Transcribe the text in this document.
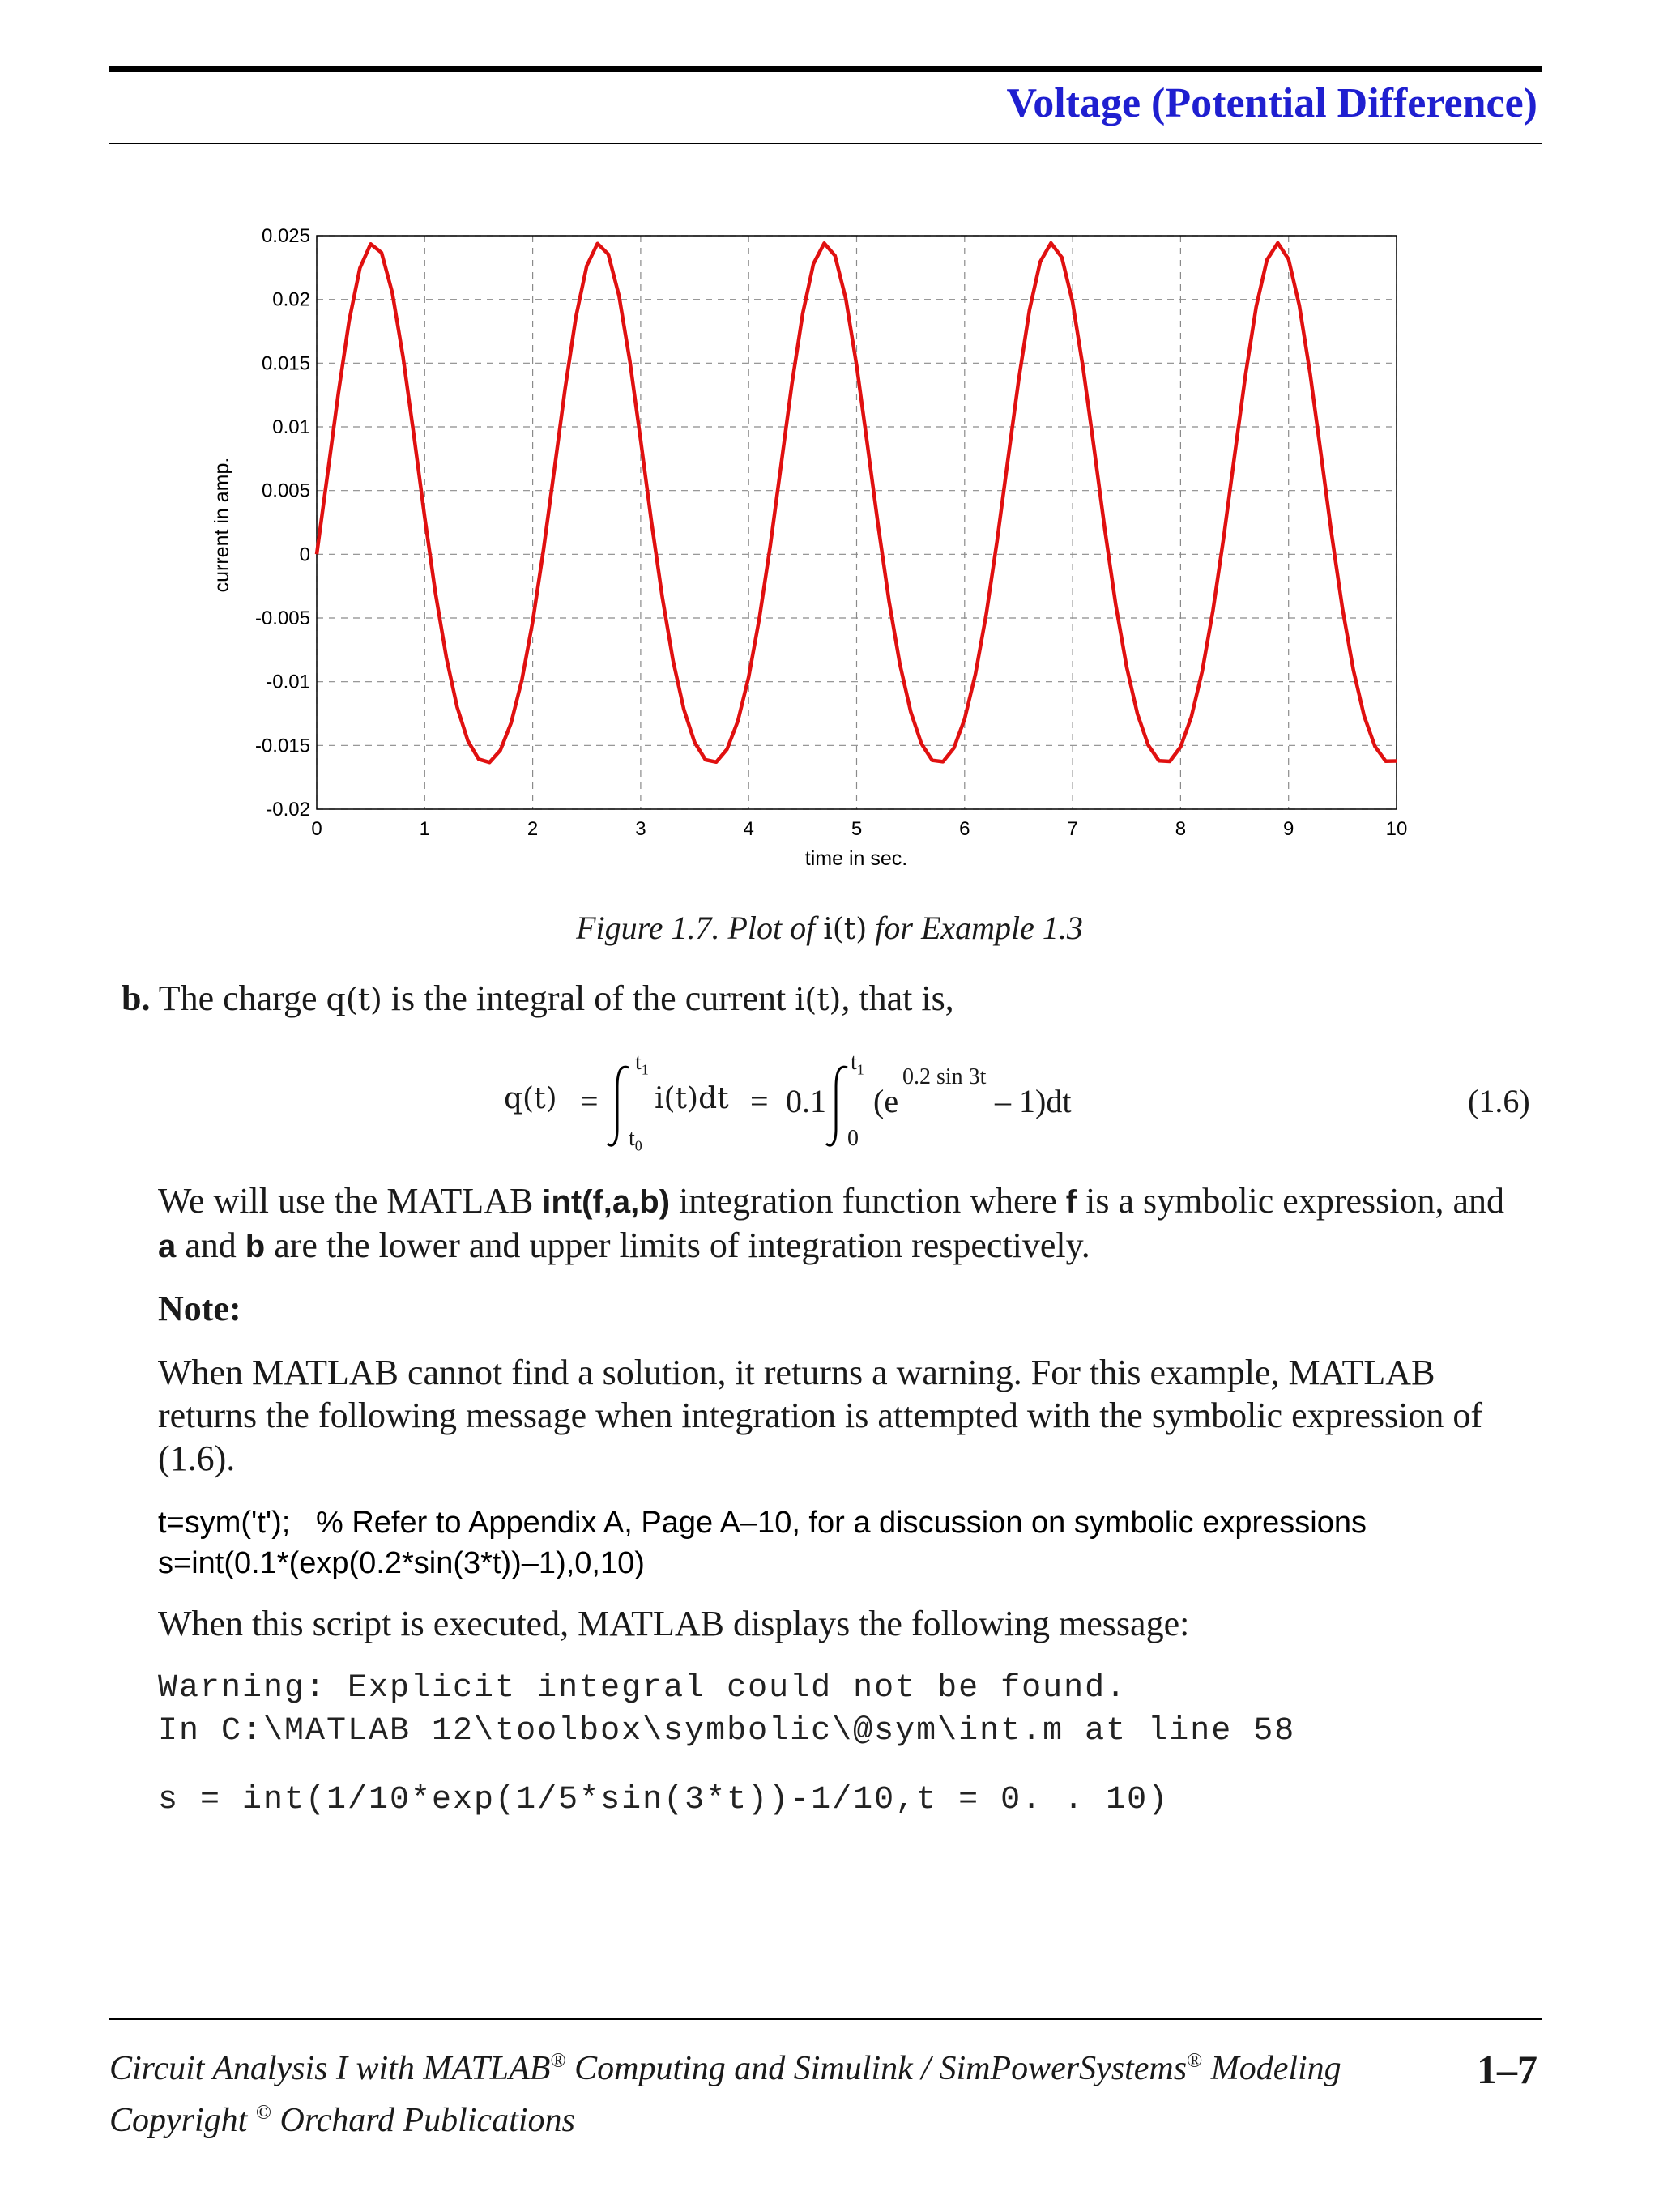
Voltage (Potential Difference)
0.025
0.02
0.015
0.01
0.005
0
-0.005
-0.01
-0.015
-0.02
0	1	2	3	4	5	6	7	8	9	10
time in sec.
current in amp.
Figure 1.7. Plot of i(t) for Example 1.3
b. The charge q(t) is the integral of the current i(t), that is,
q(t) =
$t_1$
$t_0$
i(t)dt = 0.1
$t_1$
0
(e
0.2 sin 3t
– 1)dt	(1.6)
We will use the MATLAB int(f,a,b) integration function where f is a symbolic expression, and
a and b are the lower and upper limits of integration respectively.
Note:
When MATLAB cannot find a solution, it returns a warning. For this example, MATLAB
returns the following message when integration is attempted with the symbolic expression of
(1.6).
t=sym('t');   % Refer to Appendix A, Page A–10, for a discussion on symbolic expressions
s=int(0.1*(exp(0.2*sin(3*t))–1),0,10)
When this script is executed, MATLAB displays the following message:
Warning: Explicit integral could not be found.
In C:\MATLAB 12\toolbox\symbolic\@sym\int.m at line 58
s = int(1/10*exp(1/5*sin(3*t))-1/10,t = 0. . 10)
Circuit Analysis I with MATLAB® Computing and Simulink / SimPowerSystems® Modeling
Copyright © Orchard Publications
1–7
